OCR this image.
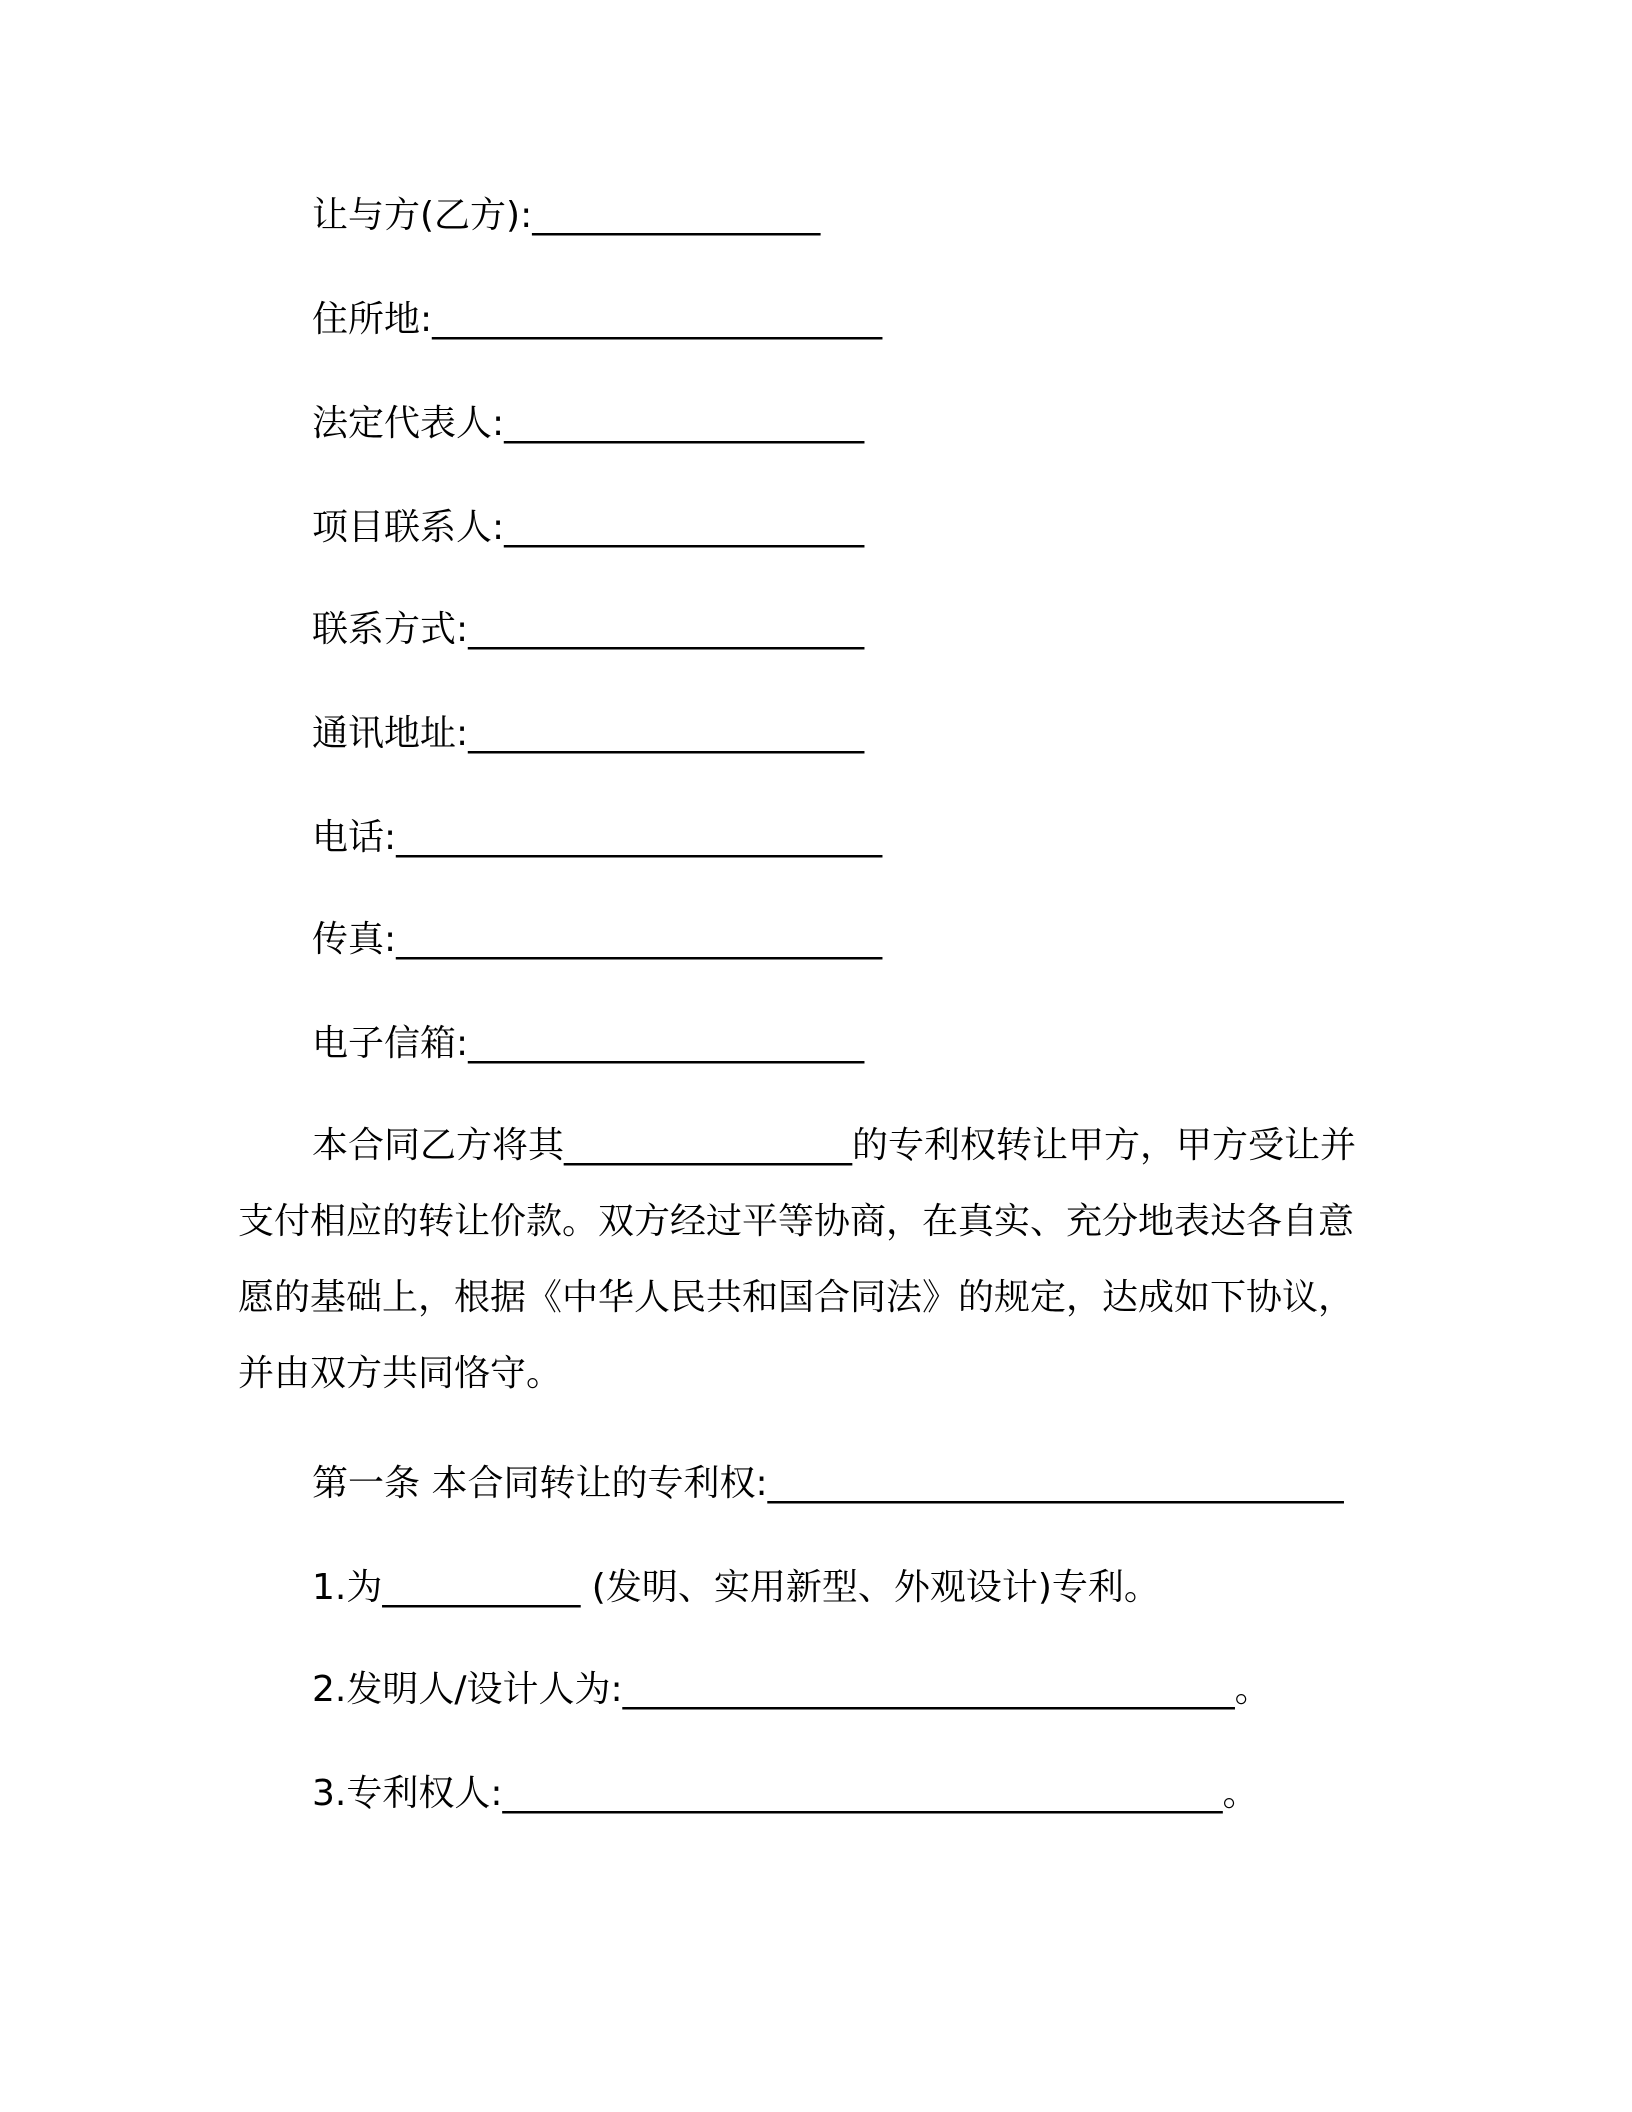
让与方(乙方):________________
住所地:_________________________
法定代表人:____________________
项目联系人:____________________
联系方式:______________________
通讯地址:______________________
电话:___________________________
传真:___________________________
电子信箱:______________________
本合同乙方将其________________的专利权转让甲方，甲方受让并支付相应的转让价款。双方经过平等协商，在真实、充分地表达各自意愿的基础上，根据《中华人民共和国合同法》的规定，达成如下协议，并由双方共同恪守。
第一条 本合同转让的专利权:________________________________
1.为___________ (发明、实用新型、外观设计)专利。
2.发明人/设计人为:__________________________________。
3.专利权人:________________________________________。
